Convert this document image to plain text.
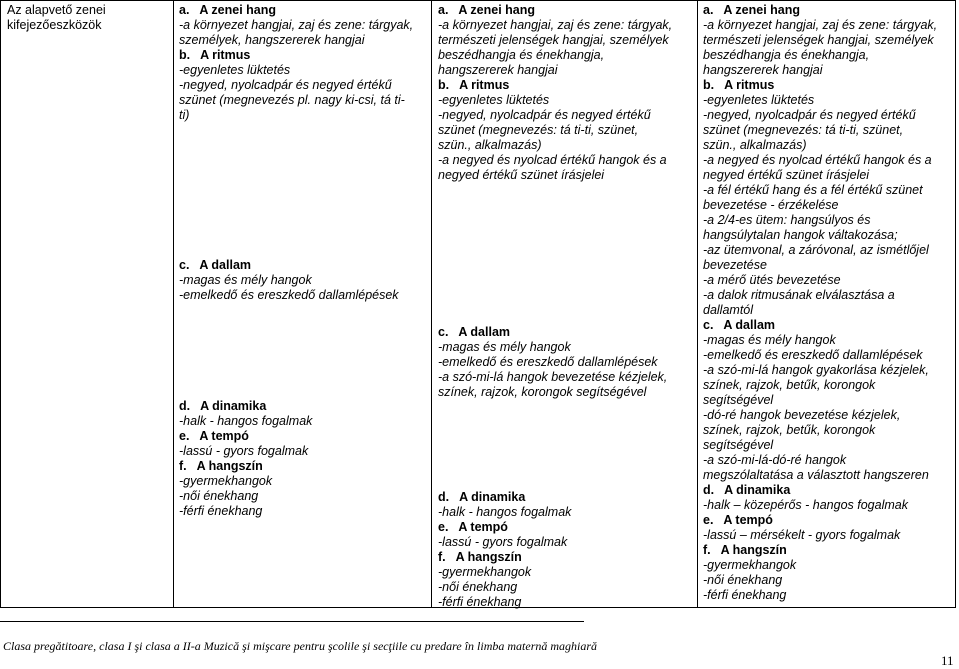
Az alapvető zenei
kifejezőeszközök
a.   A zenei hang
-a környezet hangjai, zaj és zene: tárgyak,
személyek, hangszererek hangjai
b.   A ritmus
-egyenletes lüktetés
-negyed, nyolcadpár és negyed értékű
szünet (megnevezés pl. nagy ki-csi, tá ti-
ti)
c.   A dallam
-magas és mély hangok
-emelkedő és ereszkedő dallamlépések
d.   A dinamika
-halk - hangos fogalmak
e.   A tempó
-lassú - gyors fogalmak
f.   A hangszín
-gyermekhangok
-női énekhang
-férfi énekhang
a.   A zenei hang
-a környezet hangjai, zaj és zene: tárgyak,
természeti jelenségek hangjai, személyek
beszédhangja és énekhangja,
hangszererek hangjai
b.   A ritmus
-egyenletes lüktetés
-negyed, nyolcadpár és negyed értékű
szünet (megnevezés: tá ti-ti, szünet,
szün., alkalmazás)
-a negyed és nyolcad értékű hangok és a
negyed értékű szünet írásjelei
c.   A dallam
-magas és mély hangok
-emelkedő és ereszkedő dallamlépések
-a szó-mi-lá hangok bevezetése kézjelek,
színek, rajzok, korongok segítségével
d.   A dinamika
-halk - hangos fogalmak
e.   A tempó
-lassú - gyors fogalmak
f.   A hangszín
-gyermekhangok
-női énekhang
-férfi énekhang
a.   A zenei hang
-a környezet hangjai, zaj és zene: tárgyak,
természeti jelenségek hangjai, személyek
beszédhangja és énekhangja,
hangszererek hangjai
b.   A ritmus
-egyenletes lüktetés
-negyed, nyolcadpár és negyed értékű
szünet (megnevezés: tá ti-ti, szünet,
szün., alkalmazás)
-a negyed és nyolcad értékű hangok és a
negyed értékű szünet írásjelei
-a fél értékű hang és a fél értékű szünet
bevezetése - érzékelése
-a 2/4-es ütem: hangsúlyos és
hangsúlytalan hangok váltakozása;
-az ütemvonal, a záróvonal, az ismétlőjel
bevezetése
-a mérő ütés bevezetése
-a dalok ritmusának elválasztása a
dallamtól
c.   A dallam
-magas és mély hangok
-emelkedő és ereszkedő dallamlépések
-a szó-mi-lá hangok gyakorlása kézjelek,
színek, rajzok, betűk, korongok
segítségével
-dó-ré hangok bevezetése kézjelek,
színek, rajzok, betűk, korongok
segítségével
-a szó-mi-lá-dó-ré hangok
megszólaltatása a választott hangszeren
d.   A dinamika
-halk – közepérős - hangos fogalmak
e.   A tempó
-lassú – mérsékelt - gyors fogalmak
f.   A hangszín
-gyermekhangok
-női énekhang
-férfi énekhang
Clasa pregătitoare, clasa I şi clasa a II-a Muzică şi mişcare pentru şcolile şi secţiile cu predare în limba maternă maghiară
11
